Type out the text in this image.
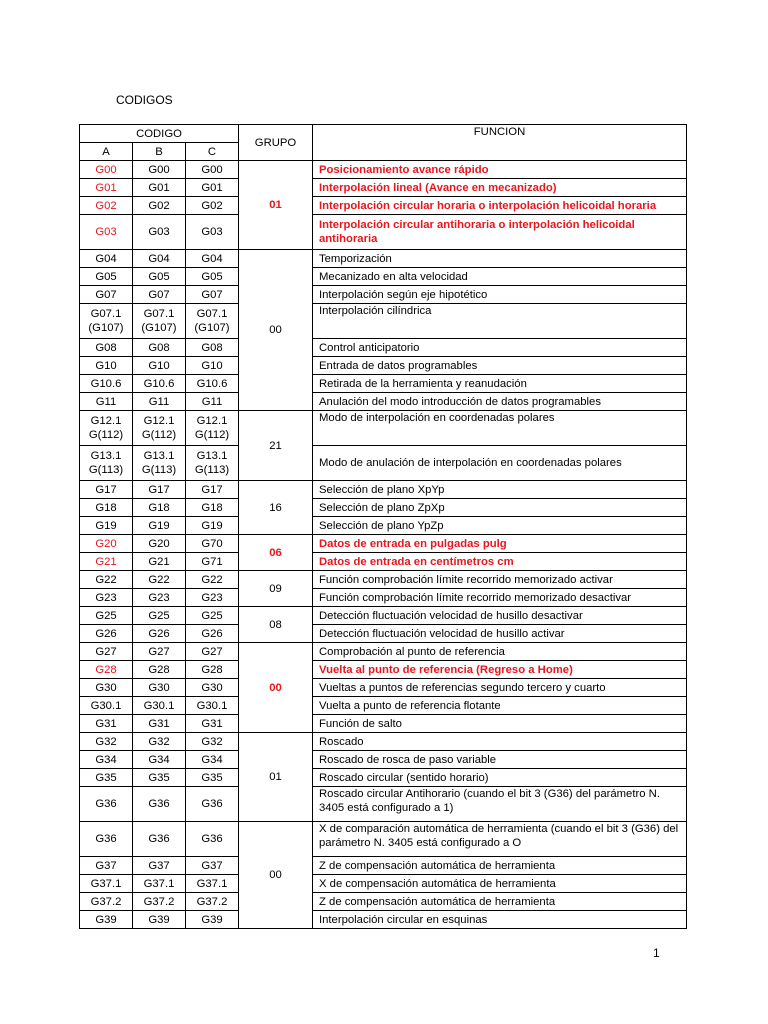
CODIGOS
CODIGO			GRUPO	FUNCION
A	B	C		
G00	G00	G00	01	Posicionamiento avance rápido
G01	G01	G01		Interpolación lineal (Avance en mecanizado)
G02	G02	G02		Interpolación circular horaria o interpolación helicoidal horaria
G03	G03	G03		Interpolación circular antihoraria o interpolación helicoidal antihoraria
G04	G04	G04	00	Temporización
G05	G05	G05		Mecanizado en alta velocidad
G07	G07	G07		Interpolación según eje hipotético
G07.1 (G107)	G07.1 (G107)	G07.1 (G107)		Interpolación cilíndrica
G08	G08	G08		Control anticipatorio
G10	G10	G10		Entrada de datos programables
G10.6	G10.6	G10.6		Retirada de la herramienta y reanudación
G11	G11	G11		Anulación del modo introducción de datos programables
G12.1 G(112)	G12.1 G(112)	G12.1 G(112)	21	Modo de interpolación en coordenadas polares
G13.1 G(113)	G13.1 G(113)	G13.1 G(113)		Modo de anulación de interpolación en coordenadas polares
G17	G17	G17	16	Selección de plano XpYp
G18	G18	G18		Selección de plano ZpXp
G19	G19	G19		Selección de plano YpZp
G20	G20	G70	06	Datos de entrada en pulgadas pulg
G21	G21	G71		Datos de entrada en centímetros cm
G22	G22	G22	09	Función comprobación límite recorrido memorizado activar
G23	G23	G23		Función comprobación límite recorrido memorizado desactivar
G25	G25	G25	08	Detección fluctuación velocidad de husillo desactivar
G26	G26	G26		Detección fluctuación velocidad de husillo activar
G27	G27	G27	00	Comprobación al punto de referencia
G28	G28	G28		Vuelta al punto de referencia (Regreso a Home)
G30	G30	G30		Vueltas a puntos de referencias segundo tercero y cuarto
G30.1	G30.1	G30.1		Vuelta a punto de referencia flotante
G31	G31	G31		Función de salto
G32	G32	G32	01	Roscado
G34	G34	G34		Roscado de rosca de paso variable
G35	G35	G35		Roscado circular (sentido horario)
G36	G36	G36		Roscado circular Antihorario (cuando el bit 3 (G36) del parámetro N. 3405 está configurado a 1)
G36	G36	G36	00	X de comparación automática de herramienta (cuando el bit 3 (G36) del parámetro N. 3405 está configurado a O
G37	G37	G37		Z de compensación automática de herramienta
G37.1	G37.1	G37.1		X de compensación automática de herramienta
G37.2	G37.2	G37.2		Z de compensación automática de herramienta
G39	G39	G39		Interpolación circular en esquinas
1
